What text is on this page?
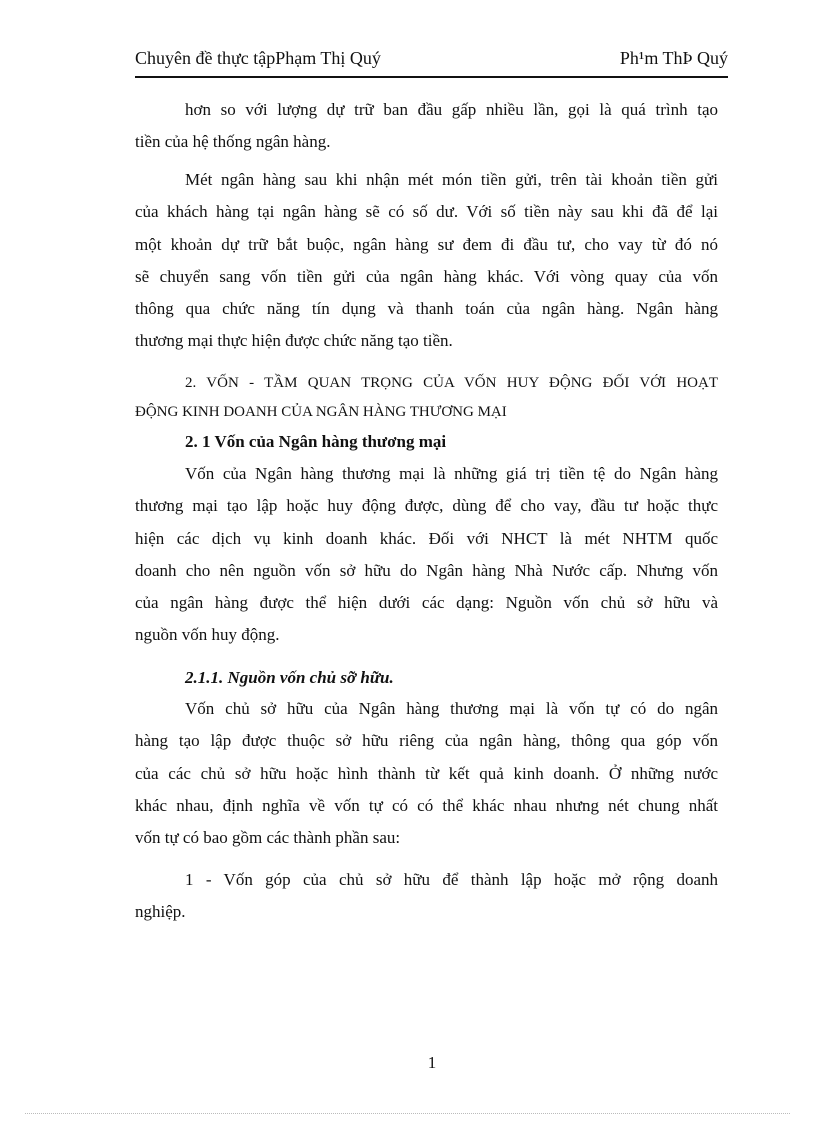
Chuyên đề thực tậpPhạm Thị Quý	Ph¹m ThÞ Quý
hơn so với lượng dự trữ ban đầu gấp nhiều lần, gọi là quá trình tạo
tiền của hệ thống ngân hàng.
Mét ngân hàng sau khi nhận mét món tiền gửi, trên tài khoản tiền gửi
của khách hàng tại ngân hàng sẽ có số dư. Với số tiền này sau khi đã để lại
một khoản dự trữ bắt buộc, ngân hàng sư đem đi đầu tư, cho vay từ đó nó
sẽ chuyển sang vốn tiền gửi của ngân hàng khác. Với vòng quay của vốn
thông qua chức năng tín dụng và thanh toán của ngân hàng. Ngân hàng
thương mại thực hiện được chức năng tạo tiền.
2. VỐN - TẦM QUAN TRỌNG CỦA VỐN HUY ĐỘNG ĐỐI VỚI HOẠT
ĐỘNG KINH DOANH CỦA NGÂN HÀNG THƯƠNG MẠI
2. 1 Vốn của Ngân hàng thương mại
Vốn của Ngân hàng thương mại là những giá trị tiền tệ do Ngân hàng
thương mại tạo lập hoặc huy động được, dùng để cho vay, đầu tư hoặc thực
hiện các dịch vụ kinh doanh khác. Đối với NHCT là mét NHTM quốc
doanh cho nên nguồn vốn sở hữu do Ngân hàng Nhà Nước cấp. Nhưng vốn
của ngân hàng được thể hiện dưới các dạng: Nguồn vốn chủ sở hữu và
nguồn vốn huy động.
2.1.1. Nguồn vốn chủ sỡ hữu.
Vốn chủ sở hữu của Ngân hàng thương mại là vốn tự có do ngân
hàng tạo lập được thuộc sở hữu riêng của ngân hàng, thông qua góp vốn
của các chủ sở hữu hoặc hình thành từ kết quả kinh doanh. Ở những nước
khác nhau, định nghĩa về vốn tự có có thể khác nhau nhưng nét chung nhất
vốn tự có bao gồm các thành phần sau:
1 - Vốn góp của chủ sở hữu để thành lập hoặc mở rộng doanh
nghiệp.
1
